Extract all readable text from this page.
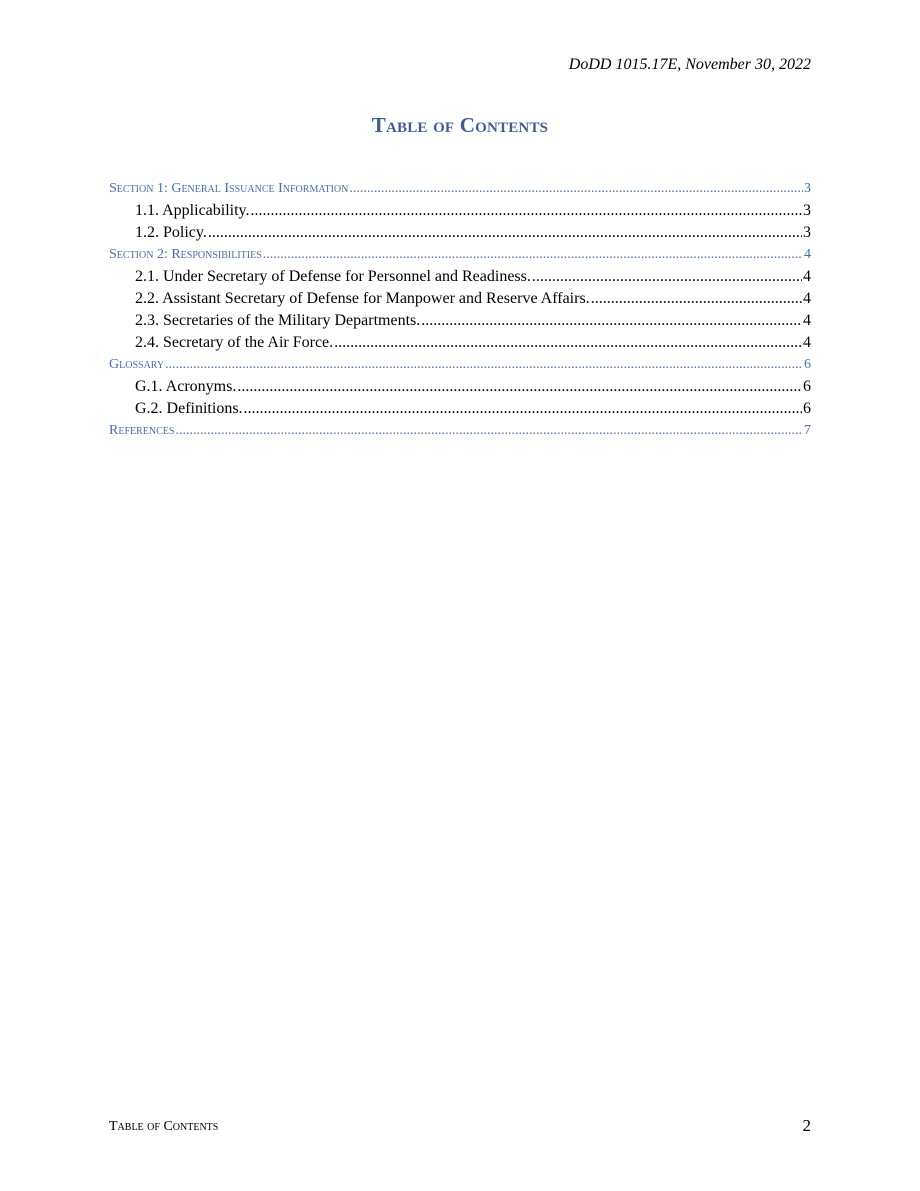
DoDD 1015.17E, November 30, 2022
Table of Contents
Section 1: General Issuance Information .....	3
1.1. Applicability. .....	3
1.2. Policy. .....	3
Section 2: Responsibilities .....	4
2.1. Under Secretary of Defense for Personnel and Readiness. .....	4
2.2. Assistant Secretary of Defense for Manpower and Reserve Affairs. .....	4
2.3. Secretaries of the Military Departments. .....	4
2.4. Secretary of the Air Force. .....	4
Glossary .....	6
G.1. Acronyms. .....	6
G.2. Definitions. .....	6
References .....	7
Table of Contents	2
